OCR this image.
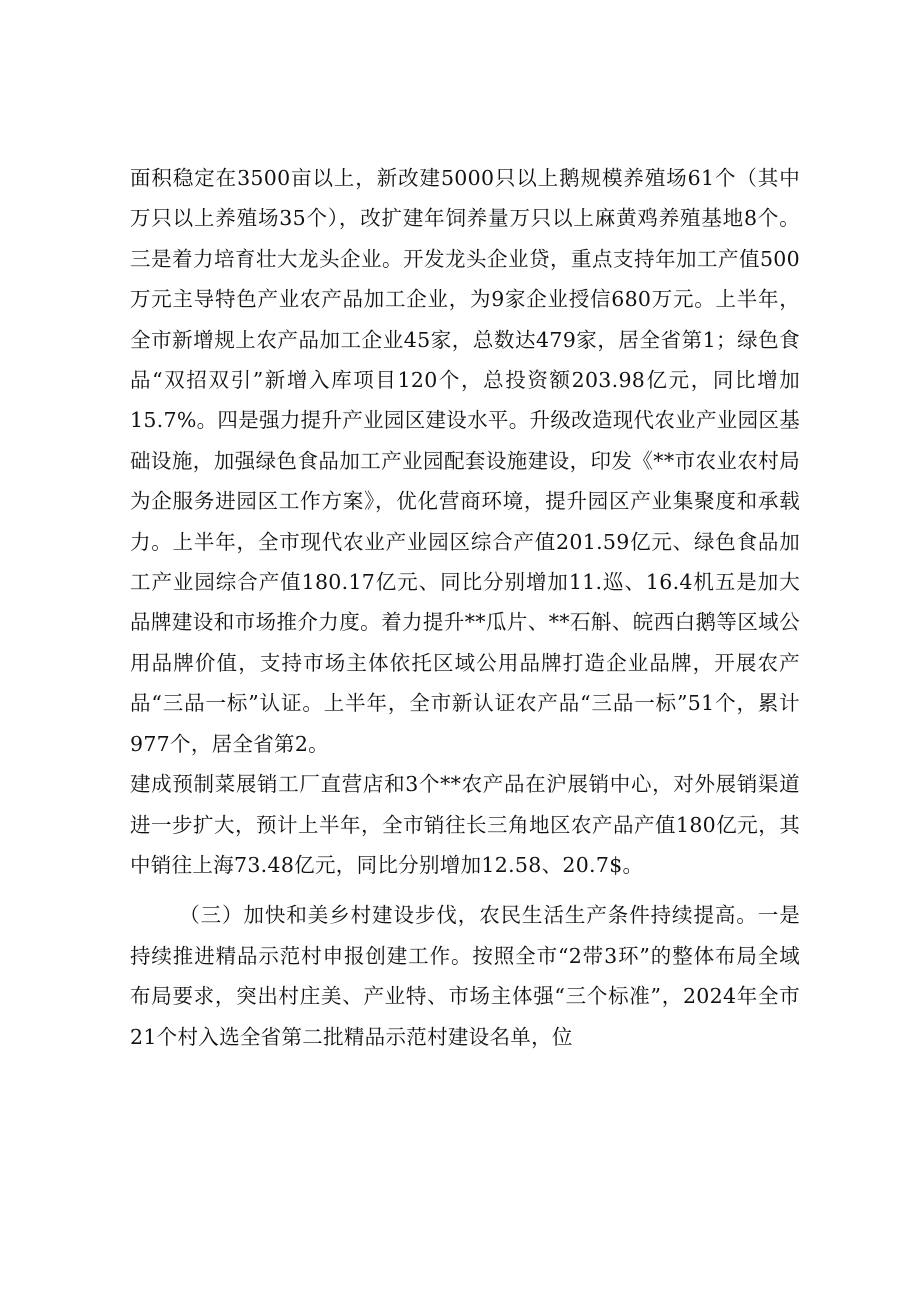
面积稳定在3500亩以上，新改建5000只以上鹅规模养殖场61个（其中万只以上养殖场35个），改扩建年饲养量万只以上麻黄鸡养殖基地8个。三是着力培育壮大龙头企业。开发龙头企业贷，重点支持年加工产值500万元主导特色产业农产品加工企业，为9家企业授信680万元。上半年，全市新增规上农产品加工企业45家，总数达479家，居全省第1；绿色食品“双招双引”新增入库项目120个，总投资额203.98亿元，同比增加15.7%。四是强力提升产业园区建设水平。升级改造现代农业产业园区基础设施，加强绿色食品加工产业园配套设施建设，印发《**市农业农村局为企服务进园区工作方案》，优化营商环境，提升园区产业集聚度和承载力。上半年，全市现代农业产业园区综合产值201.59亿元、绿色食品加工产业园综合产值180.17亿元、同比分别增加11.巡、16.4机五是加大品牌建设和市场推介力度。着力提升**瓜片、**石斛、皖西白鹅等区域公用品牌价值，支持市场主体依托区域公用品牌打造企业品牌，开展农产品“三品一标”认证。上半年，全市新认证农产品“三品一标”51个，累计977个，居全省第2。

建成预制菜展销工厂直营店和3个**农产品在沪展销中心，对外展销渠道进一步扩大，预计上半年，全市销往长三角地区农产品产值180亿元，其中销往上海73.48亿元，同比分别增加12.58、20.7$。

（三）加快和美乡村建设步伐，农民生活生产条件持续提高。一是持续推进精品示范村申报创建工作。按照全市“2带3环”的整体布局全域布局要求，突出村庄美、产业特、市场主体强“三个标准”，2024年全市21个村入选全省第二批精品示范村建设名单，位
